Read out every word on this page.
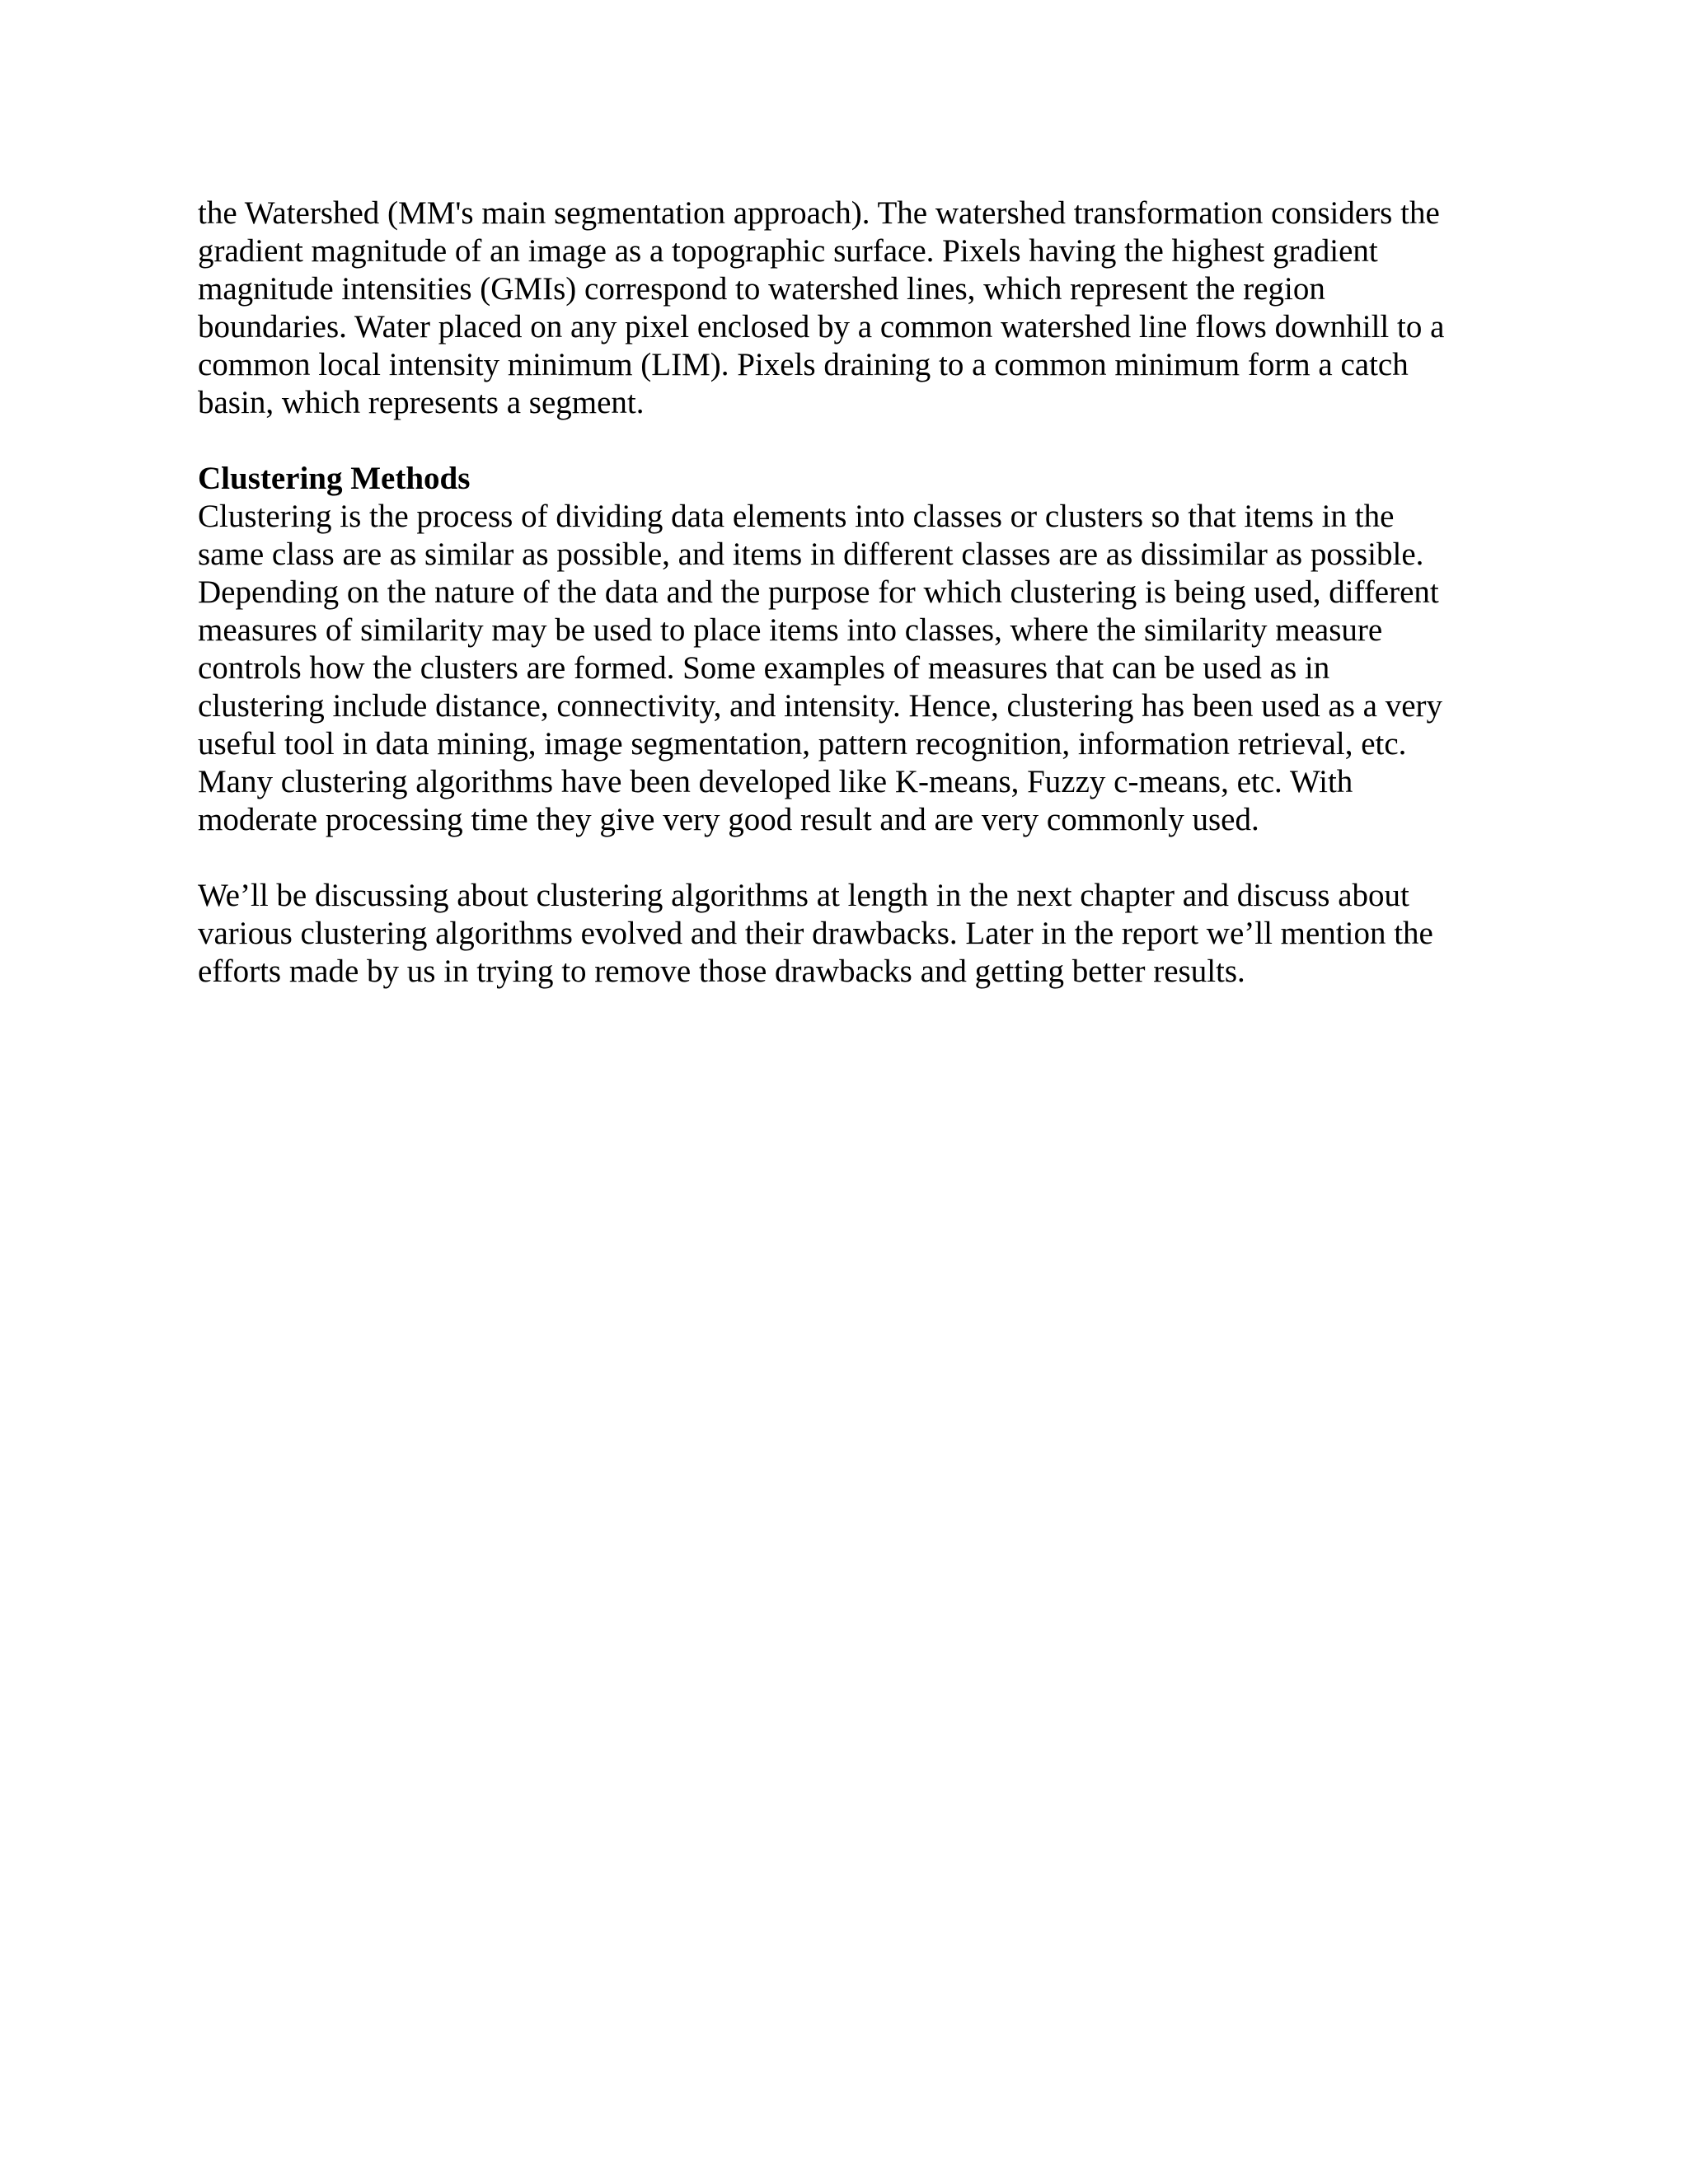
the Watershed (MM's main segmentation approach). The watershed transformation considers the
gradient magnitude of an image as a topographic surface. Pixels having the highest gradient
magnitude intensities (GMIs) correspond to watershed lines, which represent the region
boundaries. Water placed on any pixel enclosed by a common watershed line flows downhill to a
common local intensity minimum (LIM). Pixels draining to a common minimum form a catch
basin, which represents a segment.
Clustering Methods
Clustering is the process of dividing data elements into classes or clusters so that items in the
same class are as similar as possible, and items in different classes are as dissimilar as possible.
Depending on the nature of the data and the purpose for which clustering is being used, different
measures of similarity may be used to place items into classes, where the similarity measure
controls how the clusters are formed. Some examples of measures that can be used as in
clustering include distance, connectivity, and intensity. Hence, clustering has been used as a very
useful tool in data mining, image segmentation, pattern recognition, information retrieval, etc.
Many clustering algorithms have been developed like K-means, Fuzzy c-means, etc. With
moderate processing time they give very good result and are very commonly used.
We’ll be discussing about clustering algorithms at length in the next chapter and discuss about
various clustering algorithms evolved and their drawbacks. Later in the report we’ll mention the
efforts made by us in trying to remove those drawbacks and getting better results.
